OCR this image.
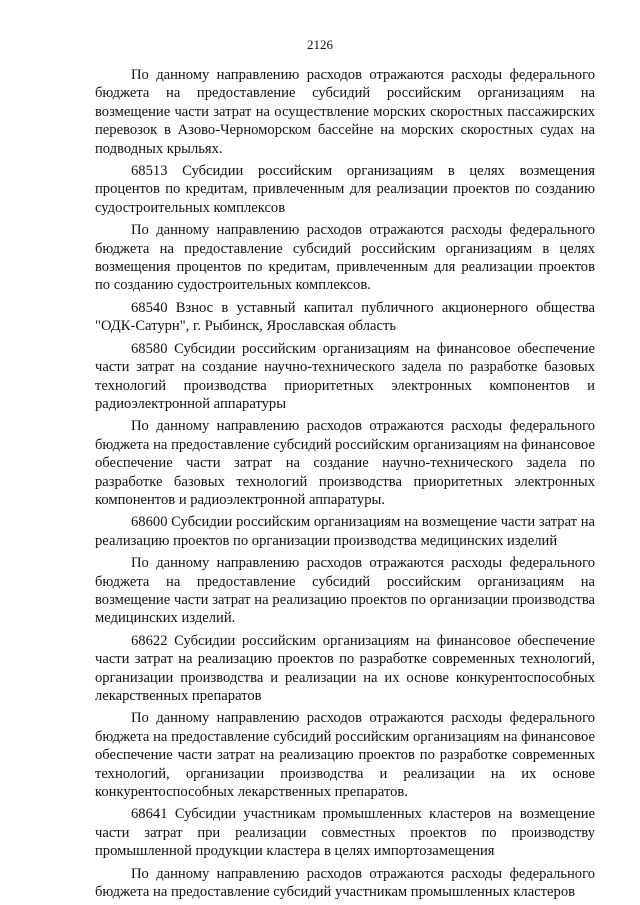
2126

По данному направлению расходов отражаются расходы федерального бюджета на предоставление субсидий российским организациям на возмещение части затрат на осуществление морских скоростных пассажирских перевозок в Азово-Черноморском бассейне на морских скоростных судах на подводных крыльях.

68513 Субсидии российским организациям в целях возмещения процентов по кредитам, привлеченным для реализации проектов по созданию судостроительных комплексов

По данному направлению расходов отражаются расходы федерального бюджета на предоставление субсидий российским организациям в целях возмещения процентов по кредитам, привлеченным для реализации проектов по созданию судостроительных комплексов.

68540 Взнос в уставный капитал публичного акционерного общества "ОДК-Сатурн", г. Рыбинск, Ярославская область

68580 Субсидии российским организациям на финансовое обеспечение части затрат на создание научно-технического задела по разработке базовых технологий производства приоритетных электронных компонентов и радиоэлектронной аппаратуры

По данному направлению расходов отражаются расходы федерального бюджета на предоставление субсидий российским организациям на финансовое обеспечение части затрат на создание научно-технического задела по разработке базовых технологий производства приоритетных электронных компонентов и радиоэлектронной аппаратуры.

68600 Субсидии российским организациям на возмещение части затрат на реализацию проектов по организации производства медицинских изделий

По данному направлению расходов отражаются расходы федерального бюджета на предоставление субсидий российским организациям на возмещение части затрат на реализацию проектов по организации производства медицинских изделий.

68622 Субсидии российским организациям на финансовое обеспечение части затрат на реализацию проектов по разработке современных технологий, организации производства и реализации на их основе конкурентоспособных лекарственных препаратов

По данному направлению расходов отражаются расходы федерального бюджета на предоставление субсидий российским организациям на финансовое обеспечение части затрат на реализацию проектов по разработке современных технологий, организации производства и реализации на их основе конкурентоспособных лекарственных препаратов.

68641 Субсидии участникам промышленных кластеров на возмещение части затрат при реализации совместных проектов по производству промышленной продукции кластера в целях импортозамещения

По данному направлению расходов отражаются расходы федерального бюджета на предоставление субсидий участникам промышленных кластеров
